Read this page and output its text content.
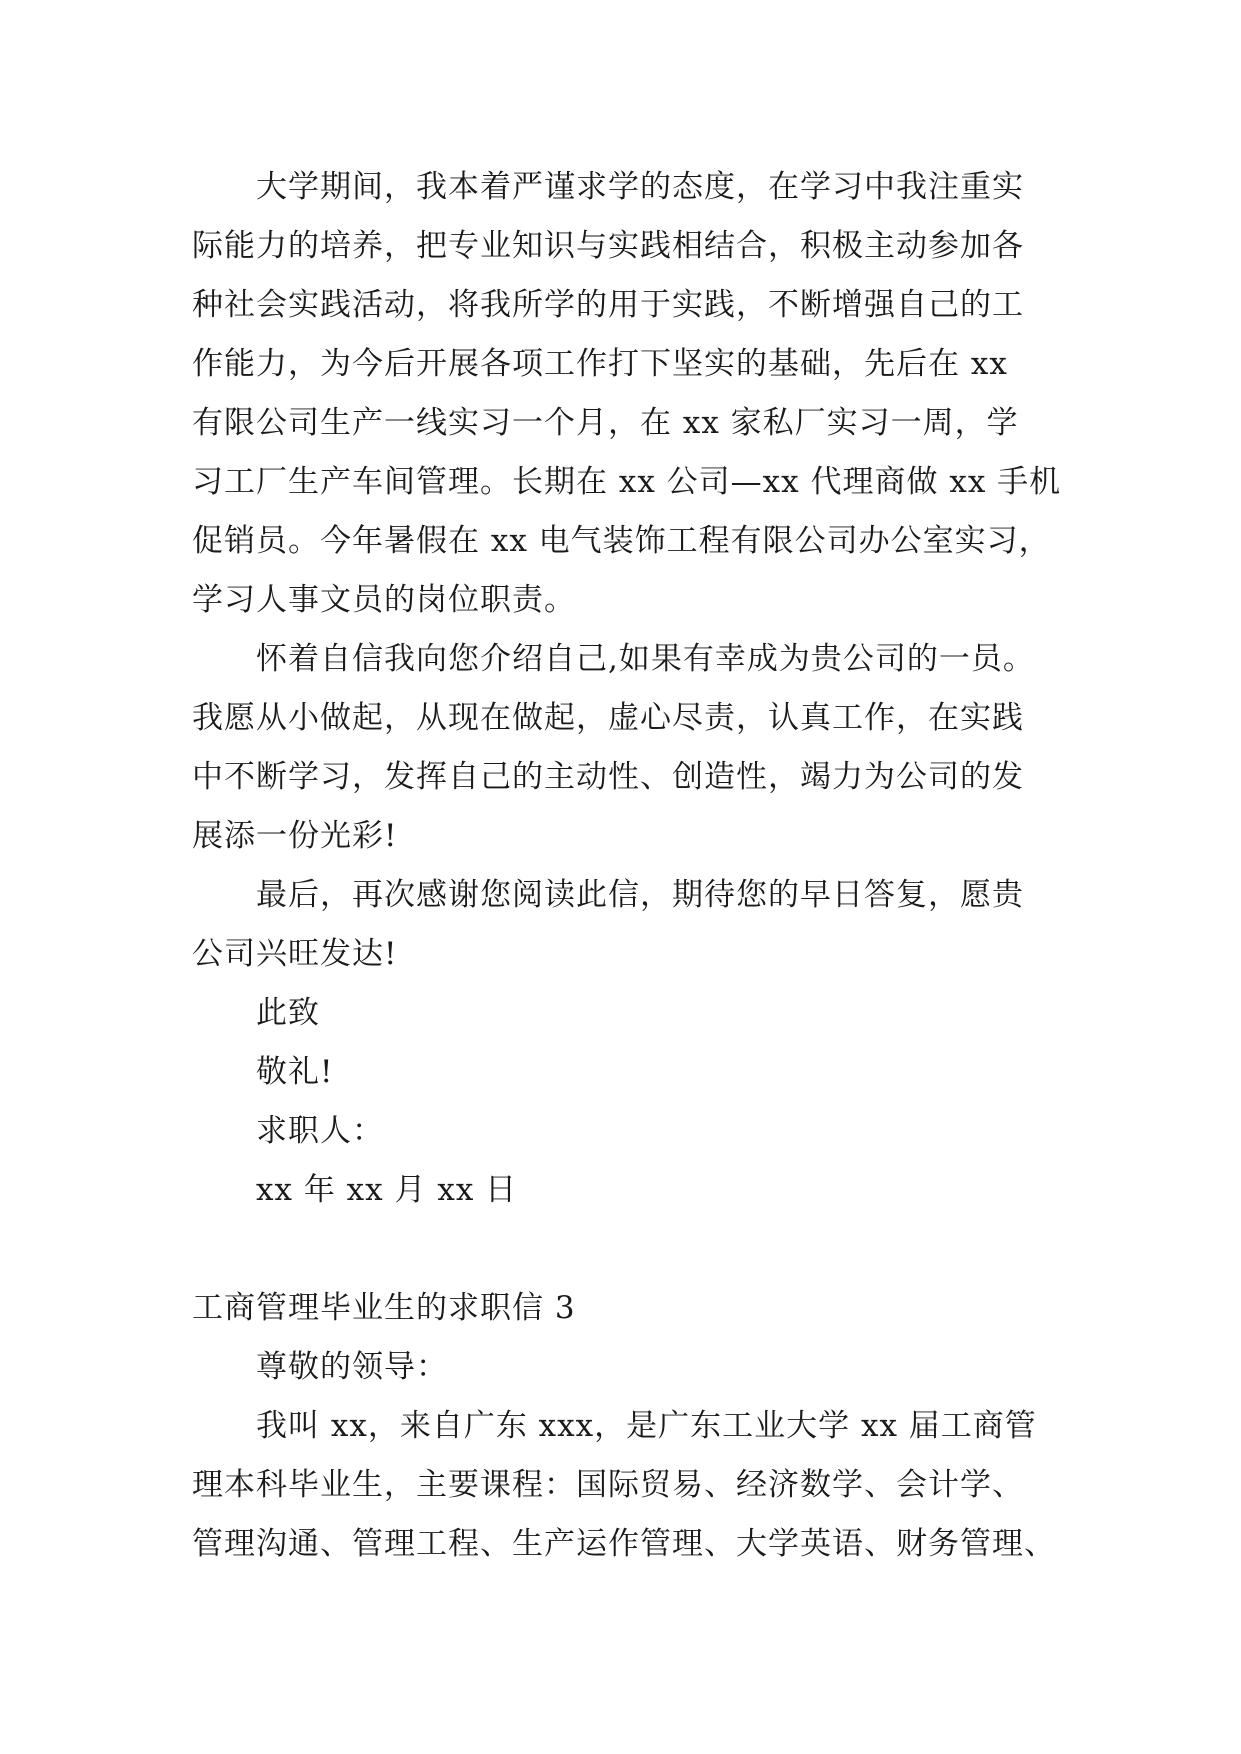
大学期间，我本着严谨求学的态度，在学习中我注重实
际能力的培养，把专业知识与实践相结合，积极主动参加各
种社会实践活动，将我所学的用于实践，不断增强自己的工
作能力，为今后开展各项工作打下坚实的基础，先后在 xx
有限公司生产一线实习一个月，在 xx 家私厂实习一周，学
习工厂生产车间管理。长期在 xx 公司—xx 代理商做 xx 手机
促销员。今年暑假在 xx 电气装饰工程有限公司办公室实习，
学习人事文员的岗位职责。
怀着自信我向您介绍自己,如果有幸成为贵公司的一员。
我愿从小做起，从现在做起，虚心尽责，认真工作，在实践
中不断学习，发挥自己的主动性、创造性，竭力为公司的发
展添一份光彩!
最后，再次感谢您阅读此信，期待您的早日答复，愿贵
公司兴旺发达!
此致
敬礼!
求职人：
xx 年 xx 月 xx 日
工商管理毕业生的求职信 3
尊敬的领导：
我叫 xx，来自广东 xxx，是广东工业大学 xx 届工商管
理本科毕业生，主要课程：国际贸易、经济数学、会计学、
管理沟通、管理工程、生产运作管理、大学英语、财务管理、
